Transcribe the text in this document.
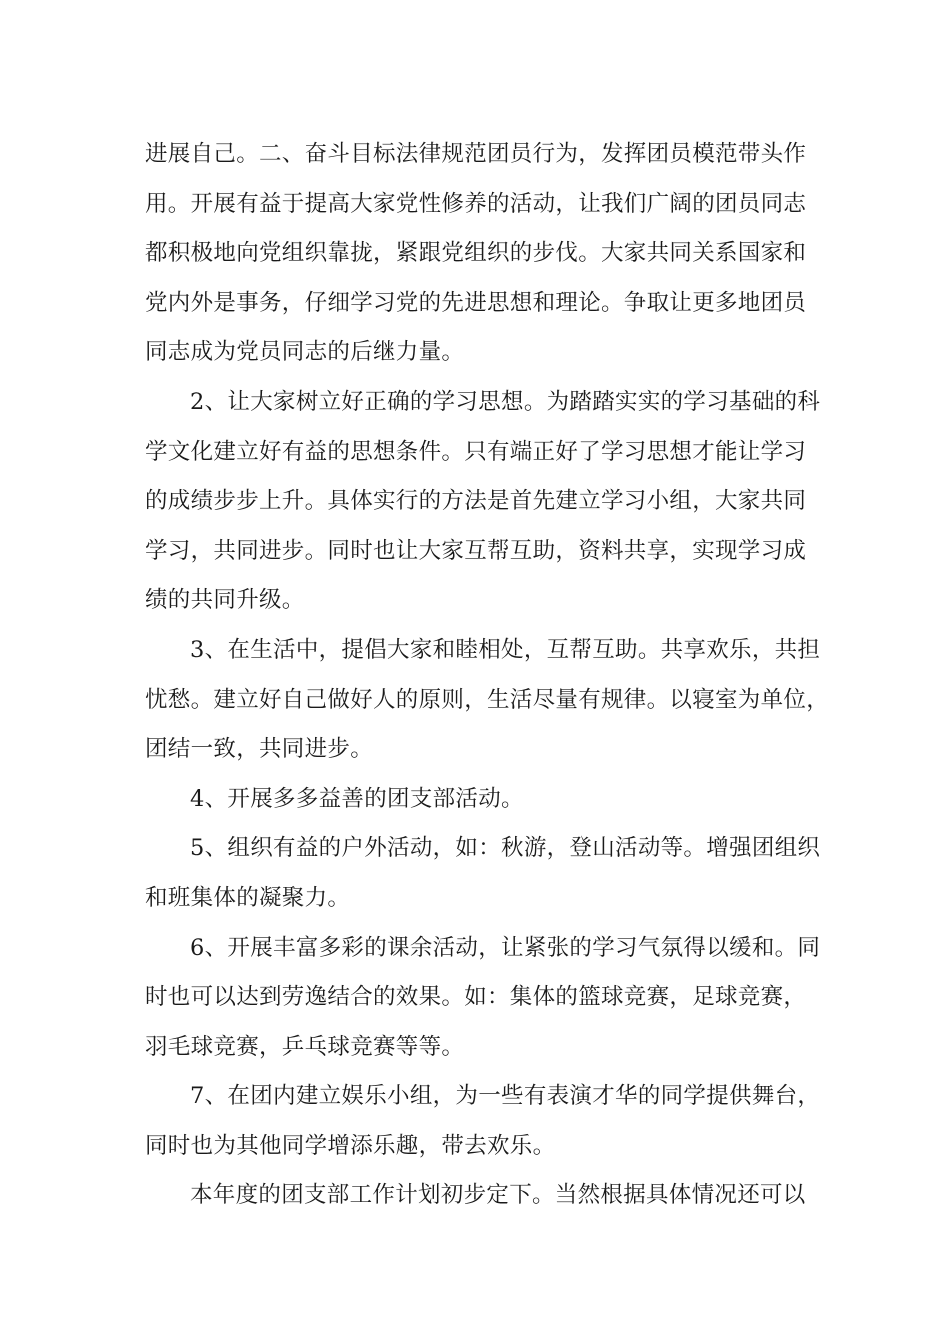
进展自己。二、奋斗目标法律规范团员行为，发挥团员模范带头作
用。开展有益于提高大家党性修养的活动，让我们广阔的团员同志
都积极地向党组织靠拢，紧跟党组织的步伐。大家共同关系国家和
党内外是事务，仔细学习党的先进思想和理论。争取让更多地团员
同志成为党员同志的后继力量。
2、让大家树立好正确的学习思想。为踏踏实实的学习基础的科
学文化建立好有益的思想条件。只有端正好了学习思想才能让学习
的成绩步步上升。具体实行的方法是首先建立学习小组，大家共同
学习，共同进步。同时也让大家互帮互助，资料共享，实现学习成
绩的共同升级。
3、在生活中，提倡大家和睦相处，互帮互助。共享欢乐，共担
忧愁。建立好自己做好人的原则，生活尽量有规律。以寝室为单位，
团结一致，共同进步。
4、开展多多益善的团支部活动。
5、组织有益的户外活动，如：秋游，登山活动等。增强团组织
和班集体的凝聚力。
6、开展丰富多彩的课余活动，让紧张的学习气氛得以缓和。同
时也可以达到劳逸结合的效果。如：集体的篮球竞赛，足球竞赛，
羽毛球竞赛，乒乓球竞赛等等。
7、在团内建立娱乐小组，为一些有表演才华的同学提供舞台，
同时也为其他同学增添乐趣，带去欢乐。
本年度的团支部工作计划初步定下。当然根据具体情况还可以
